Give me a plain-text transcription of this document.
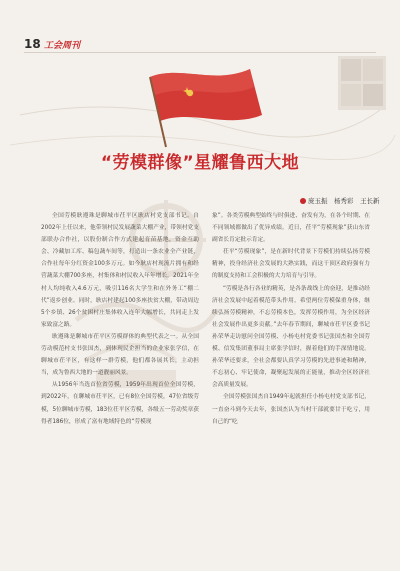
18 工会周刊
“劳模群像”星耀鲁西大地
庞玉振　杨秀彩　王长新

全国劳模耿遵珠是聊城市茌平区耿店村党支部书记。自2002年上任以来，他带领村民发展蔬菜大棚产业，带领村党支部联办合作社，以股份制合作方式建起育苗基地，资金互助会、冷藏加工库、稿包蔬车间等，打造出一条农业全产业链，合作社每年分红资金100多万元。如今耿店村现流片拥有和经营蔬菜大棚700多座，村集体和村民收入年年增长。2021年全村人均纯收入4.6万元，吸引116名大学生和在外务工“棚二代”返乡创业。同时，耿店村建起100多座扶贫大棚，带动周边5个乡镇、26个贫困村庄集体收入连年大幅增长，共同走上发家致富之路。

耿遵珠是聊城市茌平区劳模群体的典型代表之一。从全国劳动模范村支书张国杰，到体现民企担当的企业家张学信，在聊城市茌平区，有这样一群劳模，他们都各展其长，主动担当，成为鲁西大地的一道靓丽风景。

从1956年当选首位省劳模，1959年出现首位全国劳模，到2022年，在聊城市茌平区，已有8位全国劳模，47位省级劳模，5位聊城市劳模，183位茌平区劳模，各级五一劳动奖章获得者186位，形成了富有地域特色的“劳模现

象”。各类劳模典型始终与时俱进、奋发有为，在各个时期、在不同领域都做出了优异成绩。近日，茌平“劳模现象”获山东省副省长肯定批示肯定。

茌平“劳模现象”，是在新时代背景下劳模们持续弘扬劳模精神，投身经济社会发展的大熟实践，而这干顶区政府强有力的制度支持和工会积极的大力培育与引导。

“劳模是各行各业的精英，是各条战线上的奋迎，是推动经济社会发展中起着模范带头作用。希望两位劳模保重身体，继续弘扬劳模精神，不忘劳模本色，发挥劳模作用，为全区经济社会发展作出更多贡献。”去年春节期间，聊城市茌平区委书记孙荣华走访慰问全国劳模、小杨屯村党委书记张国杰和全国劳模、信发集团董事局主席张学信时，握着他们的手深情地说。孙荣华还要求，全社会都要认真学习劳模的先进事迹和精神，不忘初心、牢记使命，凝聚起发展的正能量，推动全区经济社会高质量发展。

全国劳模张国杰自1949年起就担任小杨屯村党支部书记，一直奋斗到今天去年，张国杰认为当村干部就要甘于吃亏，用自己的“吃
